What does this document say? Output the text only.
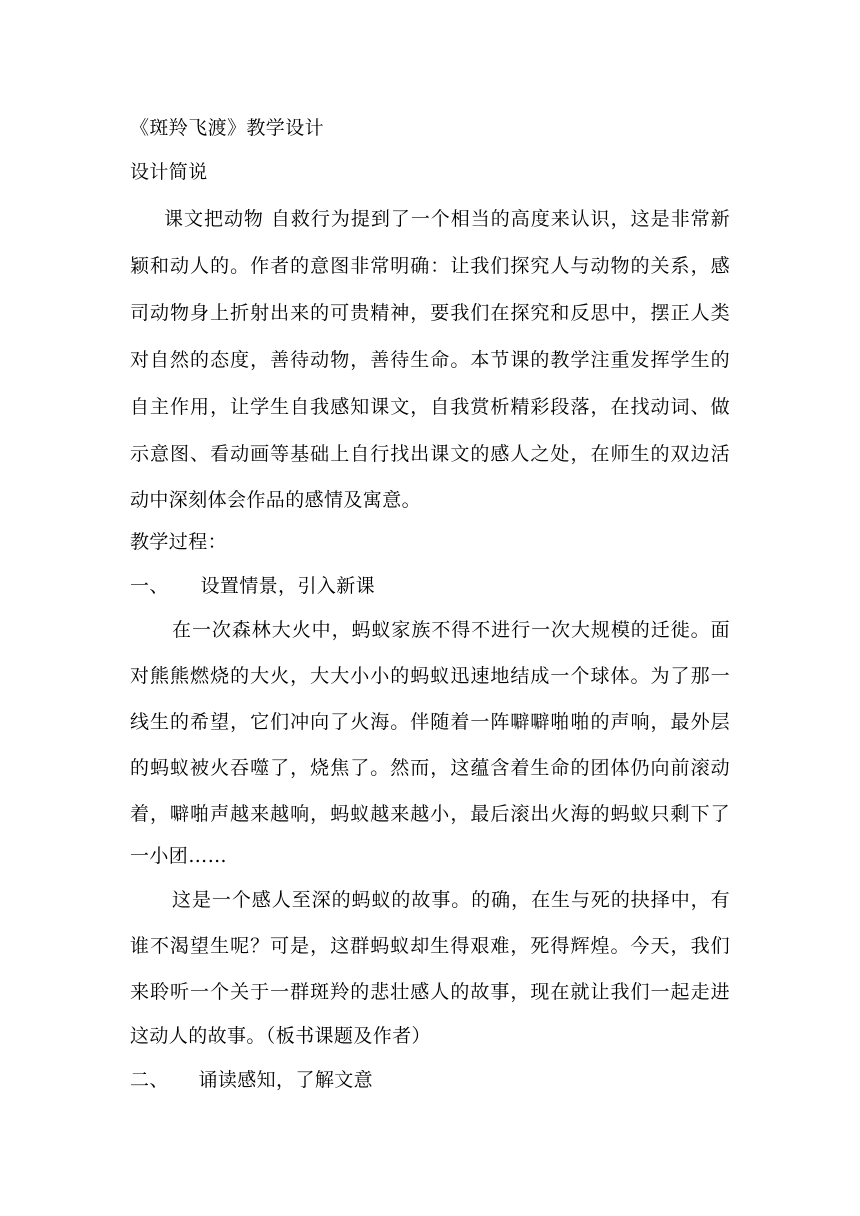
《斑羚飞渡》教学设计
设计简说
课文把动物 自救行为提到了一个相当的高度来认识，这是非常新
颖和动人的。作者的意图非常明确：让我们探究人与动物的关系，感
司动物身上折射出来的可贵精神，要我们在探究和反思中，摆正人类
对自然的态度，善待动物，善待生命。本节课的教学注重发挥学生的
自主作用，让学生自我感知课文，自我赏析精彩段落，在找动词、做
示意图、看动画等基础上自行找出课文的感人之处，在师生的双边活
动中深刻体会作品的感情及寓意。
教学过程：
一、 设置情景，引入新课
在一次森林大火中，蚂蚁家族不得不进行一次大规模的迁徙。面
对熊熊燃烧的大火，大大小小的蚂蚁迅速地结成一个球体。为了那一
线生的希望，它们冲向了火海。伴随着一阵噼噼啪啪的声响，最外层
的蚂蚁被火吞噬了，烧焦了。然而，这蕴含着生命的团体仍向前滚动
着，噼啪声越来越响，蚂蚁越来越小，最后滚出火海的蚂蚁只剩下了
一小团……
这是一个感人至深的蚂蚁的故事。的确，在生与死的抉择中，有
谁不渴望生呢？可是，这群蚂蚁却生得艰难，死得辉煌。今天，我们
来聆听一个关于一群斑羚的悲壮感人的故事，现在就让我们一起走进
这动人的故事。（板书课题及作者）
二、 诵读感知，了解文意
